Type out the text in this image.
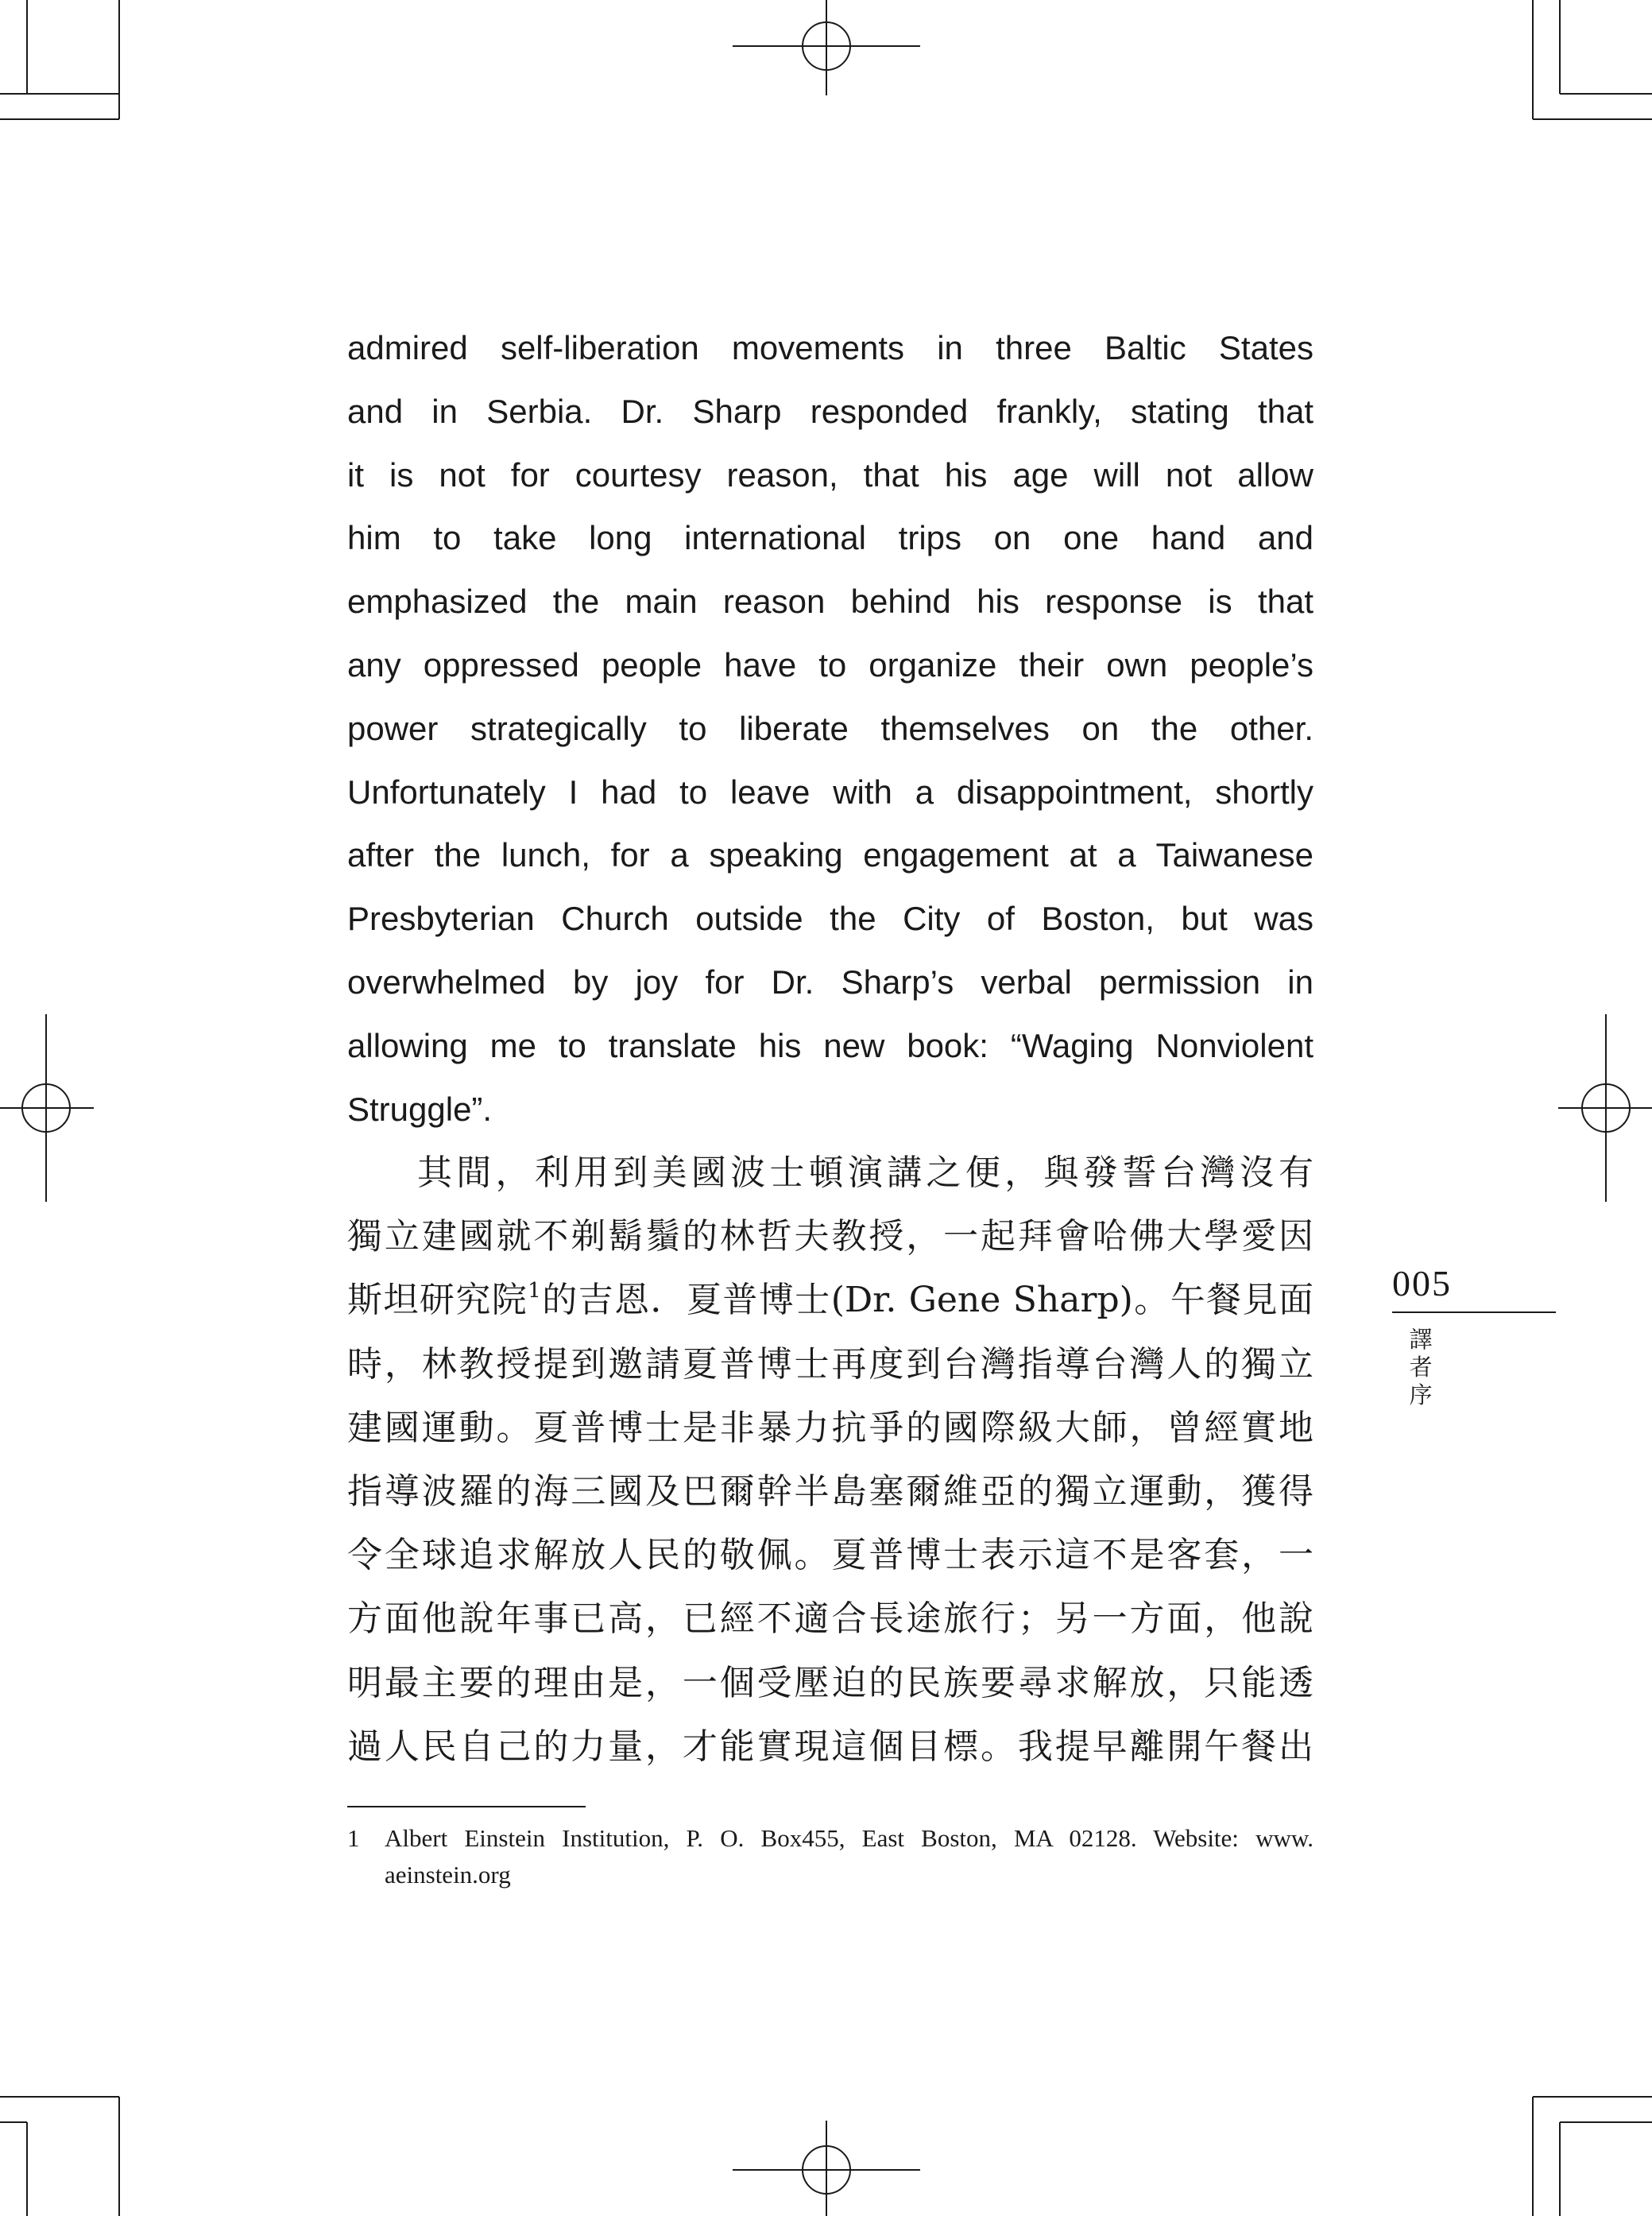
admired self-liberation movements in three Baltic States
and in Serbia. Dr. Sharp responded frankly, stating that
it is not for courtesy reason, that his age will not allow
him to take long international trips on one hand and
emphasized the main reason behind his response is that
any oppressed people have to organize their own people’s
power strategically to liberate themselves on the other.
Unfortunately I had to leave with a disappointment, shortly
after the lunch, for a speaking engagement at a Taiwanese
Presbyterian Church outside the City of Boston, but was
overwhelmed by joy for Dr. Sharp’s verbal permission in
allowing me to translate his new book: “Waging Nonviolent
Struggle”.
其間，利用到美國波士頓演講之便，與發誓台灣沒有
獨立建國就不剃鬍鬚的林哲夫教授，一起拜會哈佛大學愛因
斯坦研究院$^1$的吉恩．夏普博士(Dr. Gene Sharp)。午餐見面
時，林教授提到邀請夏普博士再度到台灣指導台灣人的獨立
建國運動。夏普博士是非暴力抗爭的國際級大師，曾經實地
指導波羅的海三國及巴爾幹半島塞爾維亞的獨立運動，獲得
令全球追求解放人民的敬佩。夏普博士表示這不是客套，一
方面他說年事已高，已經不適合長途旅行；另一方面，他說
明最主要的理由是，一個受壓迫的民族要尋求解放，只能透
過人民自己的力量，才能實現這個目標。我提早離開午餐出
1 Albert Einstein Institution, P. O. Box455, East Boston, MA 02128. Website: www.
aeinstein.org
005
譯
者
序
